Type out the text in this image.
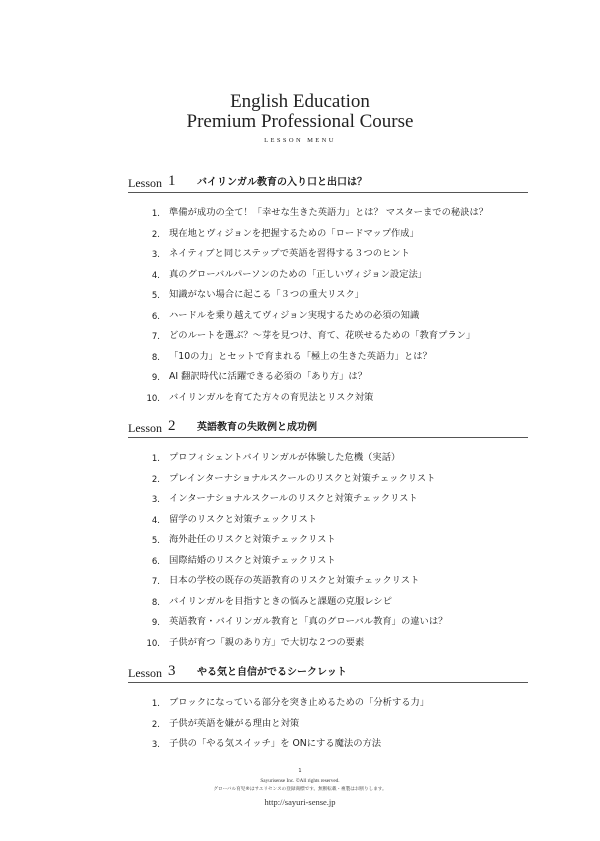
English Education
Premium Professional Course
LESSON MENU
Lesson 1 バイリンガル教育の入り口と出口は？
1. 準備が成功の全て！「幸せな生きた英語力」とは？ マスターまでの秘訣は？
2. 現在地とヴィジョンを把握するための「ロードマップ作成」
3. ネイティブと同じステップで英語を習得する３つのヒント
4. 真のグローバルパーソンのための「正しいヴィジョン設定法」
5. 知識がない場合に起こる「３つの重大リスク」
6. ハードルを乗り越えてヴィジョン実現するための必須の知識
7. どのルートを選ぶ？〜芽を見つけ、育て、花咲せるための「教育プラン」
8. 「10の力」とセットで育まれる「極上の生きた英語力」とは？
9. AI 翻訳時代に活躍できる必須の「あり方」は？
10. バイリンガルを育てた方々の育児法とリスク対策
Lesson 2 英語教育の失敗例と成功例
1. プロフィシェントバイリンガルが体験した危機（実話）
2. プレインターナショナルスクールのリスクと対策チェックリスト
3. インターナショナルスクールのリスクと対策チェックリスト
4. 留学のリスクと対策チェックリスト
5. 海外赴任のリスクと対策チェックリスト
6. 国際結婚のリスクと対策チェックリスト
7. 日本の学校の既存の英語教育のリスクと対策チェックリスト
8. バイリンガルを目指すときの悩みと課題の克服レシピ
9. 英語教育・バイリンガル教育と「真のグローバル教育」の違いは？
10. 子供が育つ「親のあり方」で大切な２つの要素
Lesson 3 やる気と自信がでるシークレット
1. ブロックになっている部分を突き止めるための「分析する力」
2. 子供が英語を嫌がる理由と対策
3. 子供の「やる気スイッチ」を ONにする魔法の方法
1
Sayurisense Inc. ©All rights reserved.
グローバル育児®はサユリセンスの登録商標です。無断転載・複製はお断りします。
http://sayuri-sense.jp
